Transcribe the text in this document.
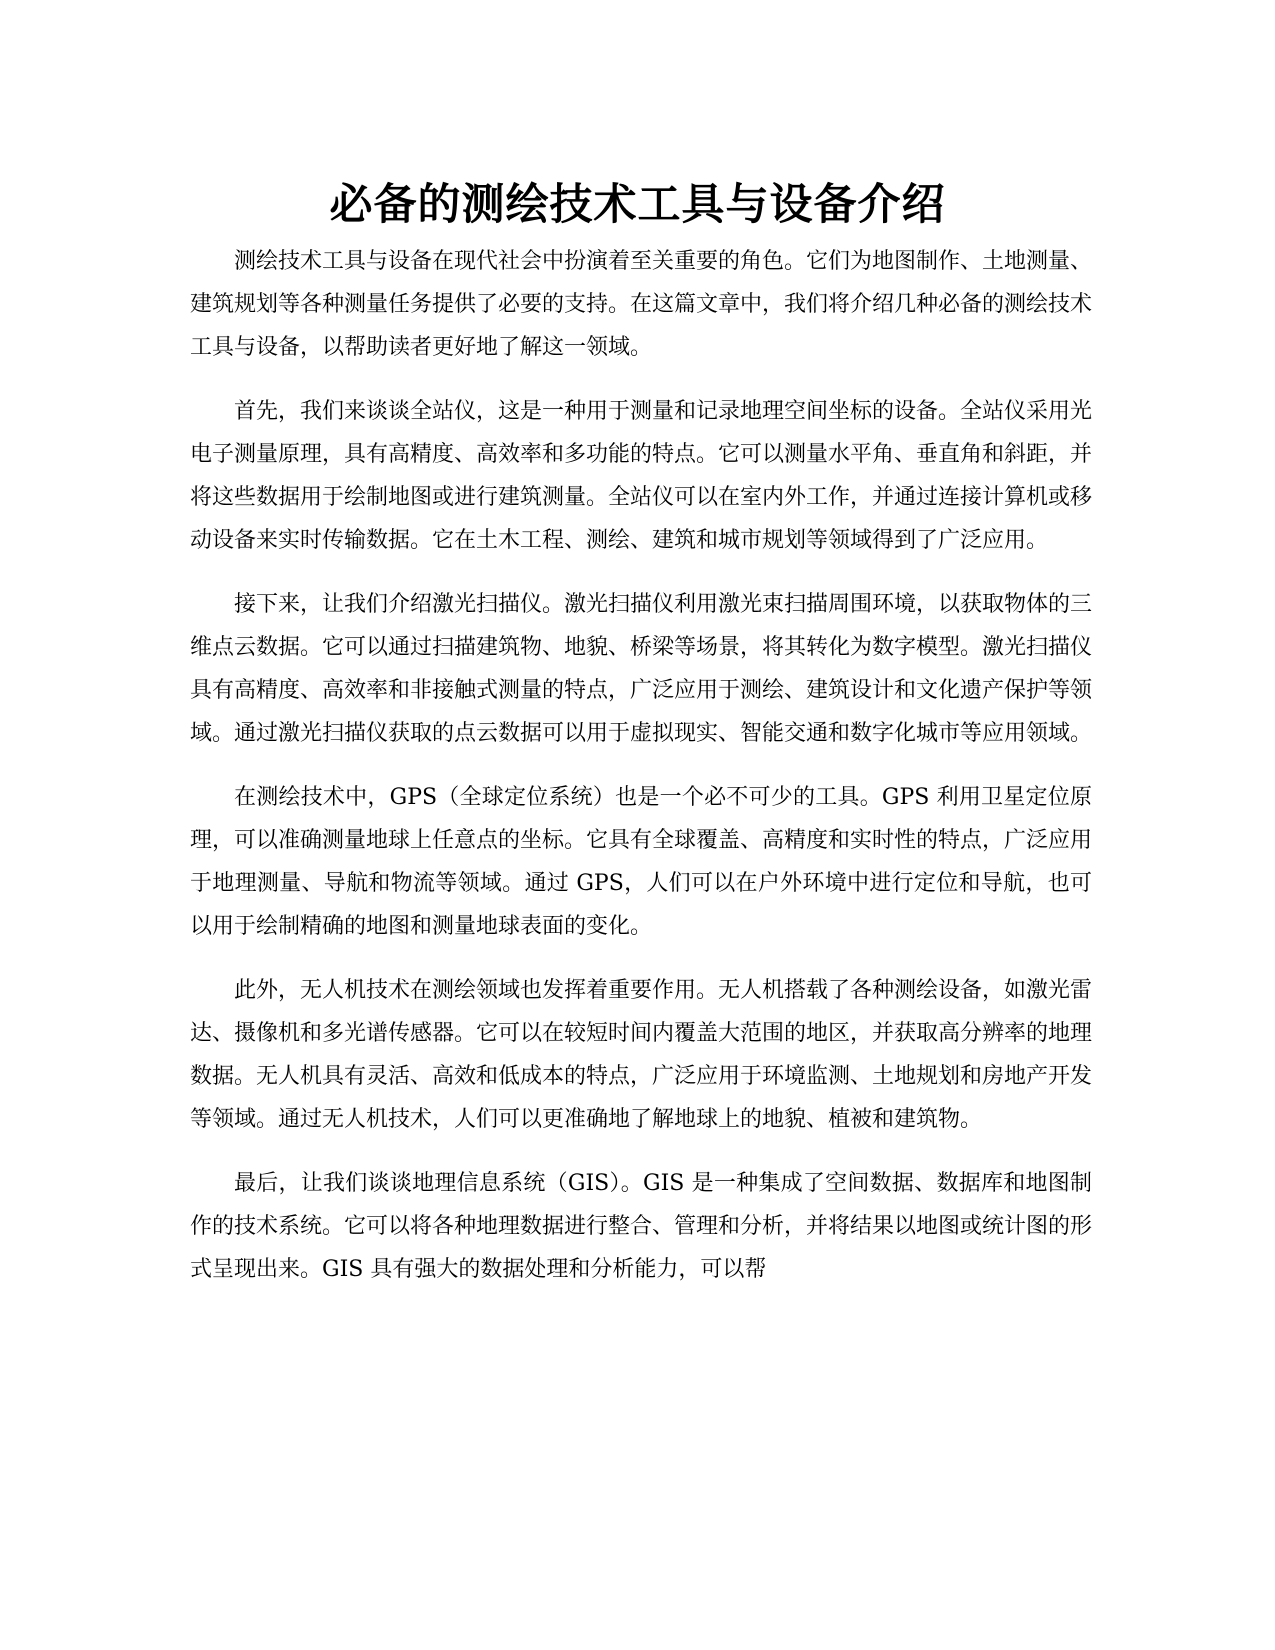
必备的测绘技术工具与设备介绍

测绘技术工具与设备在现代社会中扮演着至关重要的角色。它们为地图制作、土地测量、建筑规划等各种测量任务提供了必要的支持。在这篇文章中，我们将介绍几种必备的测绘技术工具与设备，以帮助读者更好地了解这一领域。

首先，我们来谈谈全站仪，这是一种用于测量和记录地理空间坐标的设备。全站仪采用光电子测量原理，具有高精度、高效率和多功能的特点。它可以测量水平角、垂直角和斜距，并将这些数据用于绘制地图或进行建筑测量。全站仪可以在室内外工作，并通过连接计算机或移动设备来实时传输数据。它在土木工程、测绘、建筑和城市规划等领域得到了广泛应用。

接下来，让我们介绍激光扫描仪。激光扫描仪利用激光束扫描周围环境，以获取物体的三维点云数据。它可以通过扫描建筑物、地貌、桥梁等场景，将其转化为数字模型。激光扫描仪具有高精度、高效率和非接触式测量的特点，广泛应用于测绘、建筑设计和文化遗产保护等领域。通过激光扫描仪获取的点云数据可以用于虚拟现实、智能交通和数字化城市等应用领域。

在测绘技术中，GPS（全球定位系统）也是一个必不可少的工具。GPS 利用卫星定位原理，可以准确测量地球上任意点的坐标。它具有全球覆盖、高精度和实时性的特点，广泛应用于地理测量、导航和物流等领域。通过 GPS，人们可以在户外环境中进行定位和导航，也可以用于绘制精确的地图和测量地球表面的变化。

此外，无人机技术在测绘领域也发挥着重要作用。无人机搭载了各种测绘设备，如激光雷达、摄像机和多光谱传感器。它可以在较短时间内覆盖大范围的地区，并获取高分辨率的地理数据。无人机具有灵活、高效和低成本的特点，广泛应用于环境监测、土地规划和房地产开发等领域。通过无人机技术，人们可以更准确地了解地球上的地貌、植被和建筑物。

最后，让我们谈谈地理信息系统（GIS）。GIS 是一种集成了空间数据、数据库和地图制作的技术系统。它可以将各种地理数据进行整合、管理和分析，并将结果以地图或统计图的形式呈现出来。GIS 具有强大的数据处理和分析能力，可以帮
